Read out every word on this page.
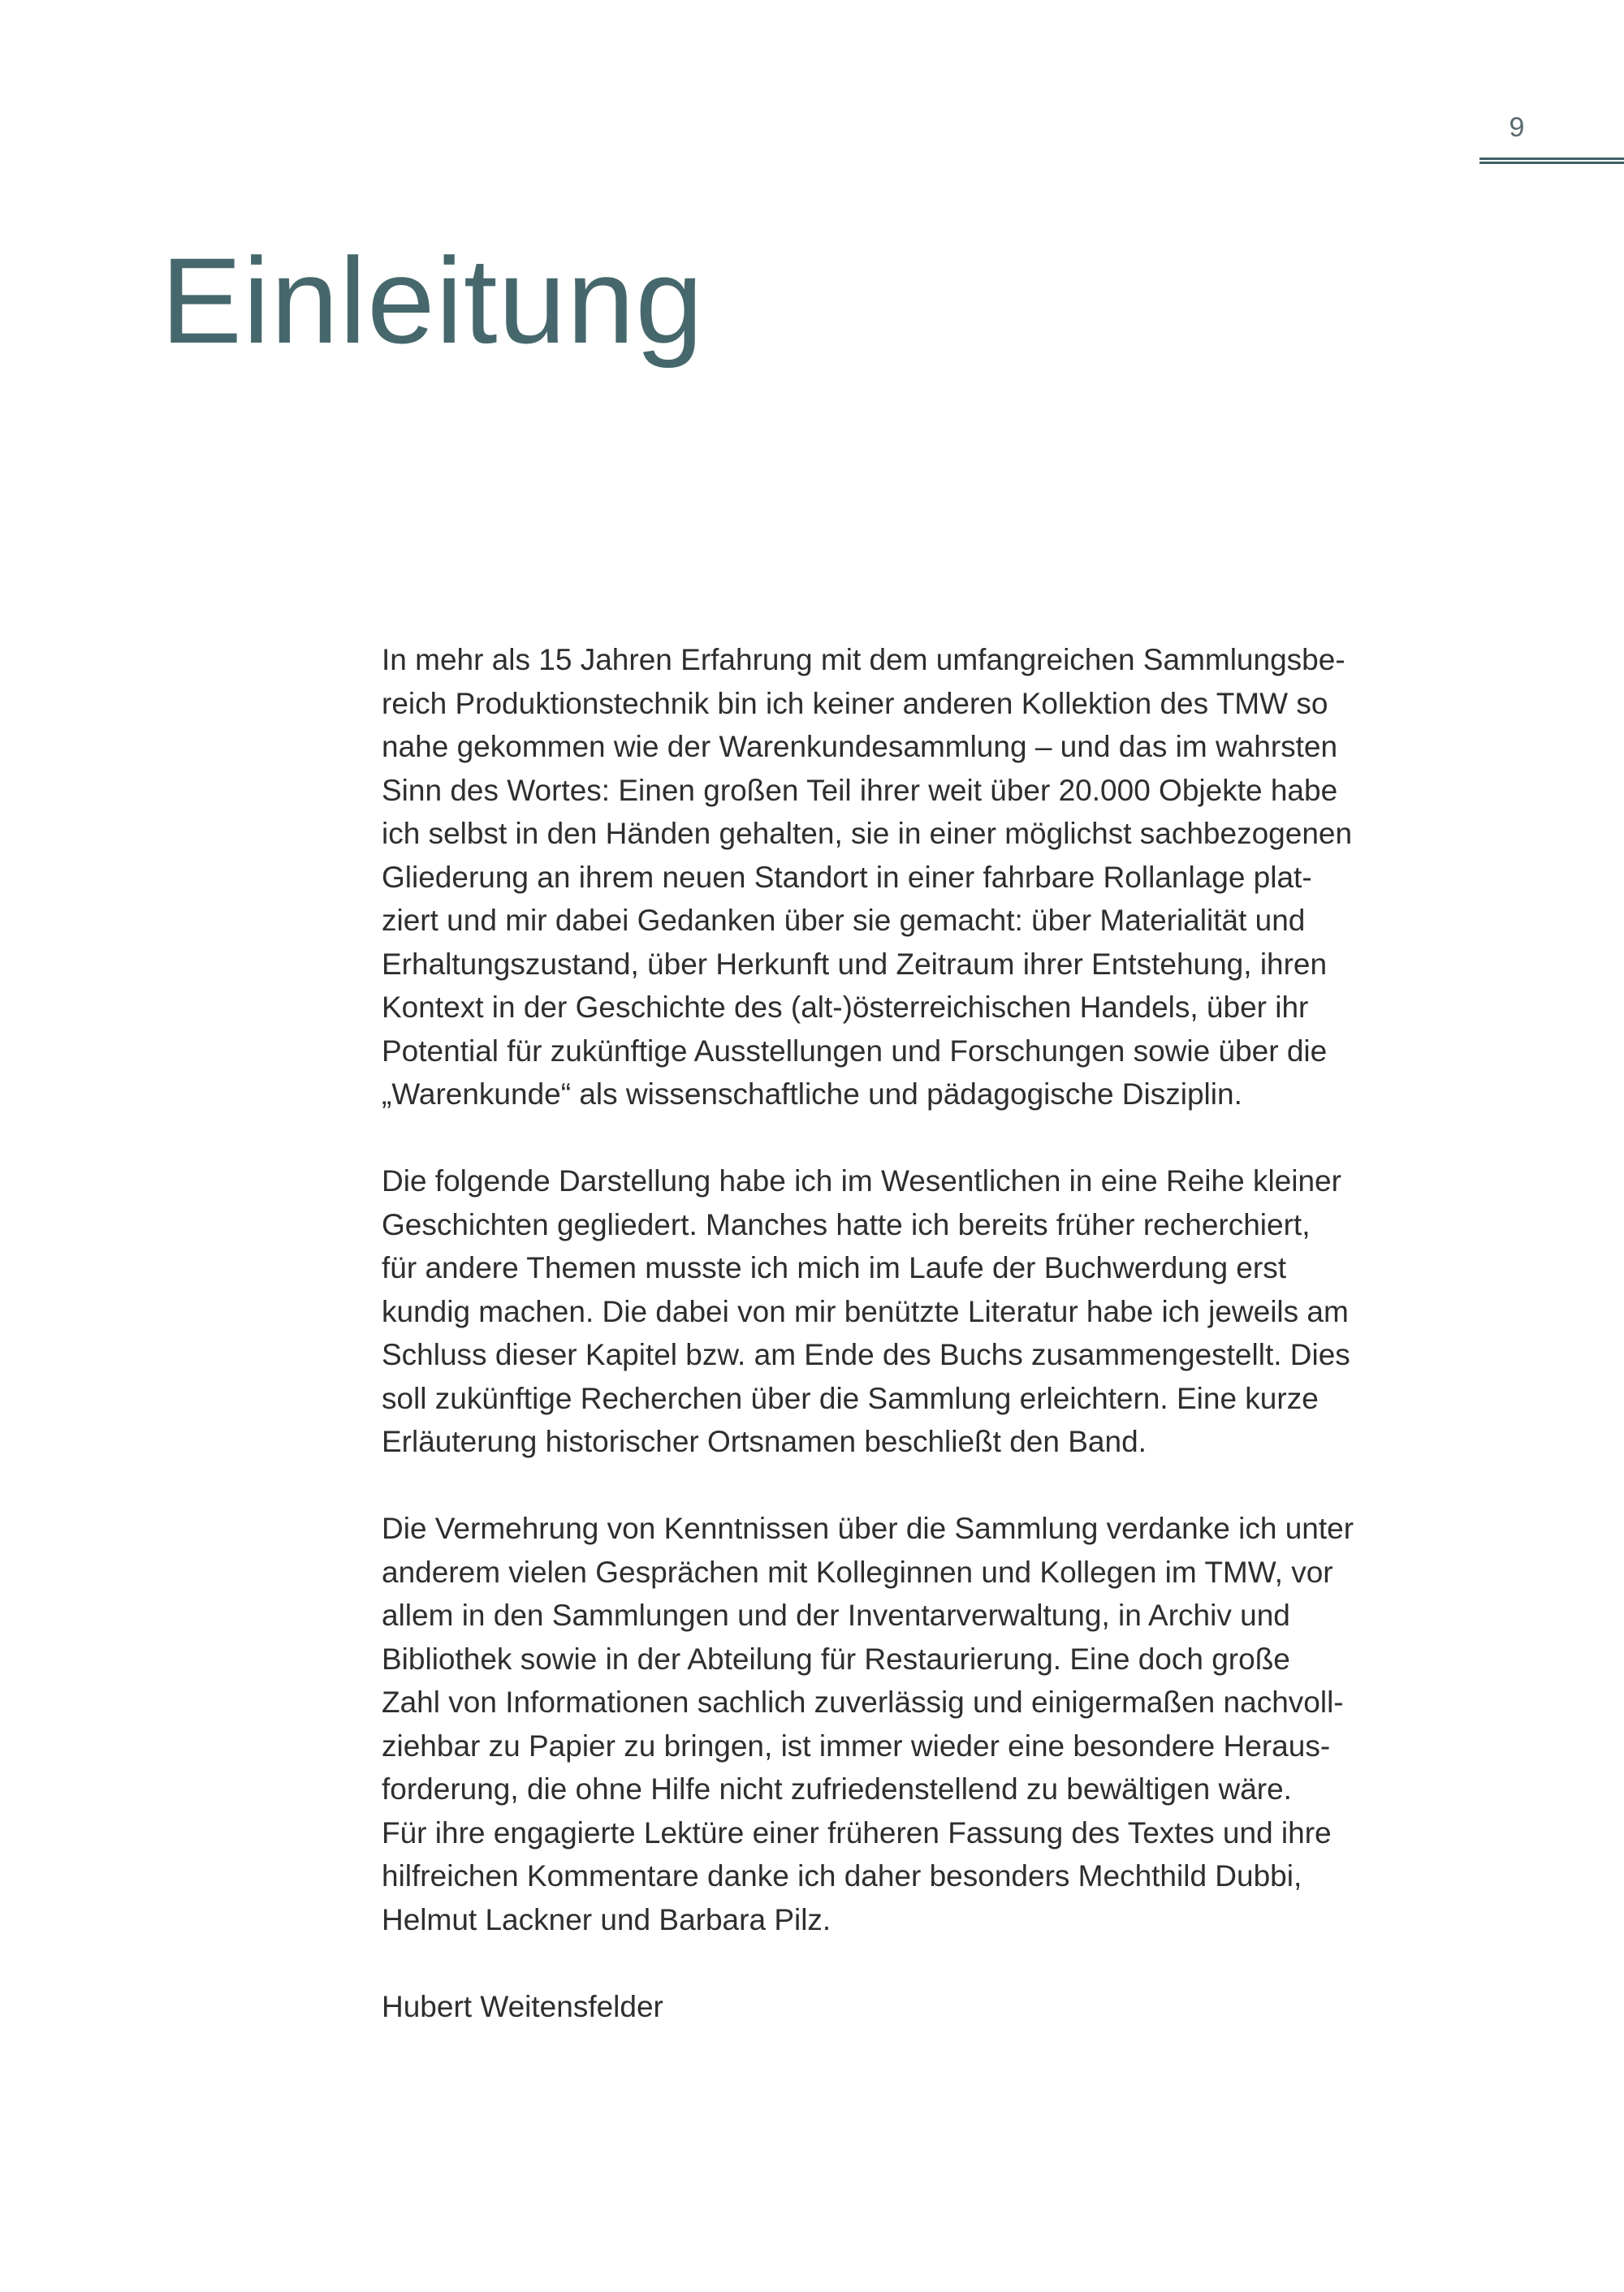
9
Einleitung

In mehr als 15 Jahren Erfahrung mit dem umfangreichen Sammlungsbe-
reich Produktionstechnik bin ich keiner anderen Kollektion des TMW so
nahe gekommen wie der Warenkundesammlung – und das im wahrsten
Sinn des Wortes: Einen großen Teil ihrer weit über 20.000 Objekte habe
ich selbst in den Händen gehalten, sie in einer möglichst sachbezogenen
Gliederung an ihrem neuen Standort in einer fahrbare Rollanlage plat-
ziert und mir dabei Gedanken über sie gemacht: über Materialität und
Erhaltungszustand, über Herkunft und Zeitraum ihrer Entstehung, ihren
Kontext in der Geschichte des (alt-)österreichischen Handels, über ihr
Potential für zukünftige Ausstellungen und Forschungen sowie über die
„Warenkunde“ als wissenschaftliche und pädagogische Disziplin.

Die folgende Darstellung habe ich im Wesentlichen in eine Reihe kleiner
Geschichten gegliedert. Manches hatte ich bereits früher recherchiert,
für andere Themen musste ich mich im Laufe der Buchwerdung erst
kundig machen. Die dabei von mir benützte Literatur habe ich jeweils am
Schluss dieser Kapitel bzw. am Ende des Buchs zusammengestellt. Dies
soll zukünftige Recherchen über die Sammlung erleichtern. Eine kurze
Erläuterung historischer Ortsnamen beschließt den Band.

Die Vermehrung von Kenntnissen über die Sammlung verdanke ich unter
anderem vielen Gesprächen mit Kolleginnen und Kollegen im TMW, vor
allem in den Sammlungen und der Inventarverwaltung, in Archiv und
Bibliothek sowie in der Abteilung für Restaurierung. Eine doch große
Zahl von Informationen sachlich zuverlässig und einigermaßen nachvoll-
ziehbar zu Papier zu bringen, ist immer wieder eine besondere Heraus-
forderung, die ohne Hilfe nicht zufriedenstellend zu bewältigen wäre.
Für ihre engagierte Lektüre einer früheren Fassung des Textes und ihre
hilfreichen Kommentare danke ich daher besonders Mechthild Dubbi,
Helmut Lackner und Barbara Pilz.

Hubert Weitensfelder
